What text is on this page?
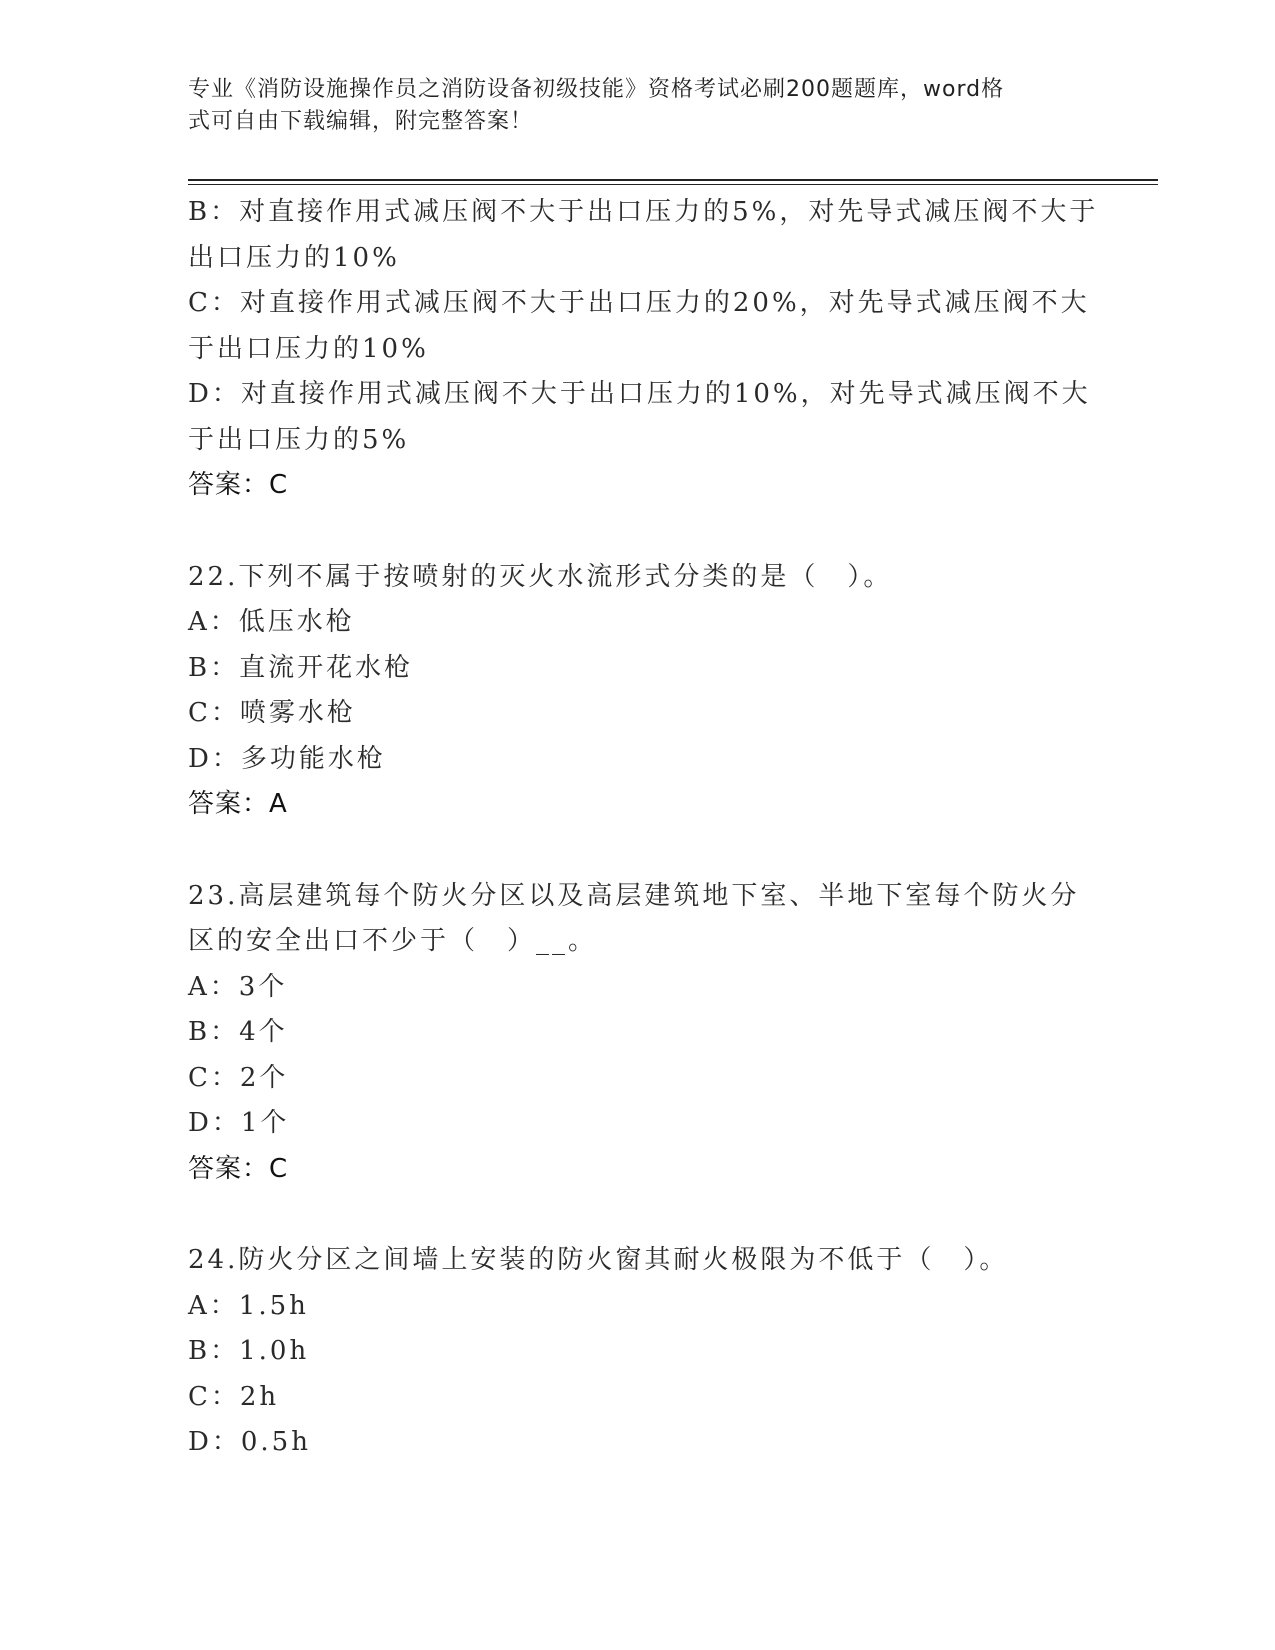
专业《消防设施操作员之消防设备初级技能》资格考试必刷200题题库，word格
式可自由下载编辑，附完整答案！
B：对直接作用式减压阀不大于出口压力的5%，对先导式减压阀不大于
出口压力的10%
C：对直接作用式减压阀不大于出口压力的20%，对先导式减压阀不大
于出口压力的10%
D：对直接作用式减压阀不大于出口压力的10%，对先导式减压阀不大
于出口压力的5%
答案：C
22.下列不属于按喷射的灭火水流形式分类的是（　）。
A：低压水枪
B：直流开花水枪
C：喷雾水枪
D：多功能水枪
答案：A
23.高层建筑每个防火分区以及高层建筑地下室、半地下室每个防火分
区的安全出口不少于（　）__。
A：3个
B：4个
C：2个
D：1个
答案：C
24.防火分区之间墙上安装的防火窗其耐火极限为不低于（　）。
A：1.5h
B：1.0h
C：2h
D：0.5h
